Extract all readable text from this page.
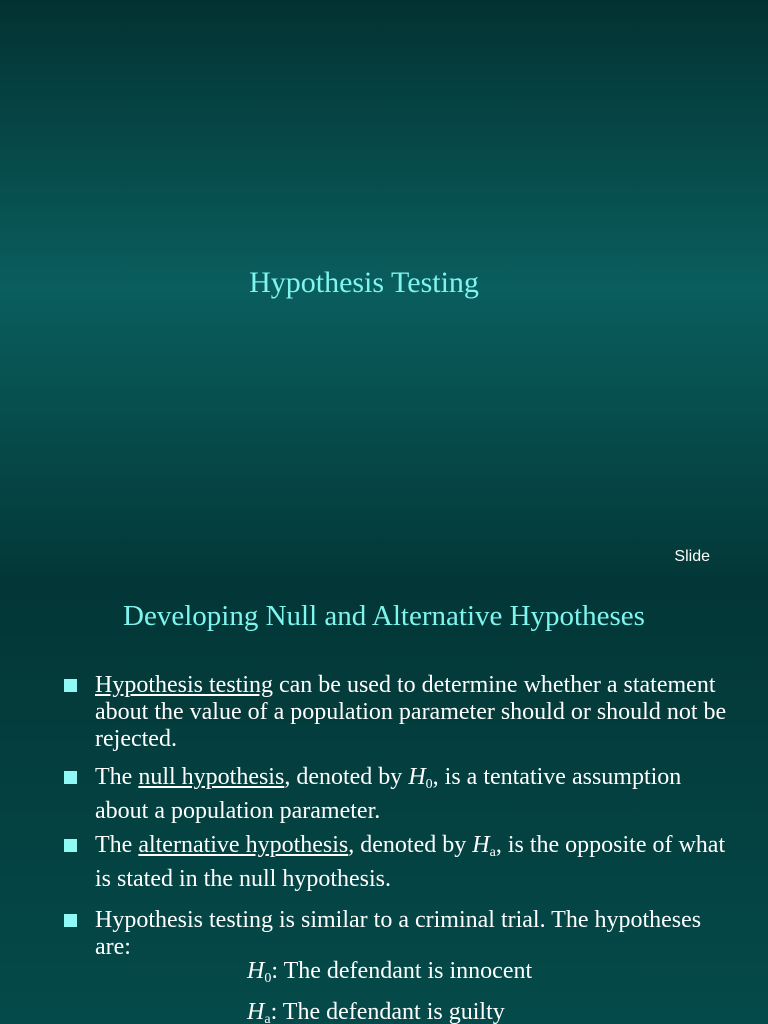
Hypothesis Testing
Slide
Developing Null and Alternative Hypotheses
Hypothesis testing can be used to determine whether a statement about the value of a population parameter should or should not be rejected.
The null hypothesis, denoted by $H_0$, is a tentative assumption about a population parameter.
The alternative hypothesis, denoted by $H_a$, is the opposite of what is stated in the null hypothesis.
Hypothesis testing is similar to a criminal trial. The hypotheses are:
$H_0$: The defendant is innocent
$H_a$: The defendant is guilty
